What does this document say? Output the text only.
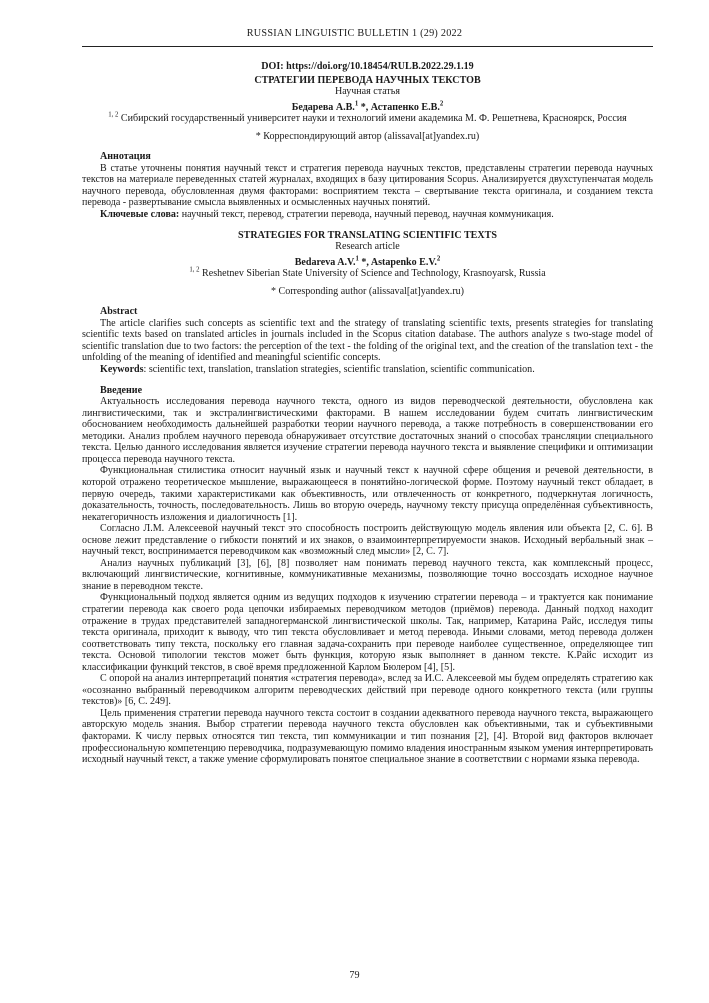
RUSSIAN LINGUISTIC BULLETIN 1 (29) 2022
DOI: https://doi.org/10.18454/RULB.2022.29.1.19
СТРАТЕГИИ ПЕРЕВОДА НАУЧНЫХ ТЕКСТОВ
Научная статья
Бедарева А.В.$^1$ *, Астапенко Е.В.$^2$
$^{1, 2}$ Сибирский государственный университет науки и технологий имени академика М. Ф. Решетнева, Красноярск, Россия
* Корреспондирующий автор (alissaval[at]yandex.ru)

Аннотация

В статье уточнены понятия научный текст и стратегия перевода научных текстов, представлены стратегии перевода научных текстов на материале переведенных статей журналах, входящих в базу цитирования Scopus. Анализируется двухступенчатая модель научного перевода, обусловленная двумя факторами: восприятием текста – свертывание текста оригинала, и созданием текста перевода - развертывание смысла выявленных и осмысленных научных понятий.

Ключевые слова: научный текст, перевод, стратегии перевода, научный перевод, научная коммуникация.

STRATEGIES FOR TRANSLATING SCIENTIFIC TEXTS
Research article
Bedareva A.V.$^1$ *, Astapenko E.V.$^2$
$^{1, 2}$ Reshetnev Siberian State University of Science and Technology, Krasnoyarsk, Russia
* Corresponding author (alissaval[at]yandex.ru)

Abstract

The article clarifies such concepts as scientific text and the strategy of translating scientific texts, presents strategies for translating scientific texts based on translated articles in journals included in the Scopus citation database. The authors analyze s two-stage model of scientific translation due to two factors: the perception of the text - the folding of the original text, and the creation of the translation text - the unfolding of the meaning of identified and meaningful scientific concepts.

Keywords: scientific text, translation, translation strategies, scientific translation, scientific communication.

Введение

Актуальность исследования перевода научного текста, одного из видов переводческой деятельности, обусловлена как лингвистическими, так и экстралингвистическими факторами. В нашем исследовании будем считать лингвистическим обоснованием необходимость дальнейшей разработки теории научного перевода, а также потребность в совершенствовании его методики. Анализ проблем научного перевода обнаруживает отсутствие достаточных знаний о способах трансляции специального текста. Целью данного исследования является изучение стратегии перевода научного текста и выявление специфики и оптимизации процесса перевода научного текста.

Функциональная стилистика относит научный язык и научный текст к научной сфере общения и речевой деятельности, в которой отражено теоретическое мышление, выражающееся в понятийно-логической форме. Поэтому научный текст обладает, в первую очередь, такими характеристиками как объективность, или отвлеченность от конкретного, подчеркнутая логичность, доказательность, точность, последовательность. Лишь во вторую очередь, научному тексту присуща определённая субъективность, некатегоричность изложения и диалогичность [1].

Согласно Л.М. Алексеевой научный текст это способность построить действующую модель явления или объекта [2, С. 6]. В основе лежит представление о гибкости понятий и их знаков, о взаимоинтерпретируемости знаков. Исходный вербальный знак – научный текст, воспринимается переводчиком как «возможный след мысли» [2, С. 7].

Анализ научных публикаций [3], [6], [8] позволяет нам понимать перевод научного текста, как комплексный процесс, включающий лингвистические, когнитивные, коммуникативные механизмы, позволяющие точно воссоздать исходное научное знание в переводном тексте.

Функциональный подход является одним из ведущих подходов к изучению стратегии перевода – и трактуется как понимание стратегии перевода как своего рода цепочки избираемых переводчиком методов (приёмов) перевода. Данный подход находит отражение в трудах представителей западногерманской лингвистической школы. Так, например, Катарина Райс, исследуя типы текста оригинала, приходит к выводу, что тип текста обусловливает и метод перевода. Иными словами, метод перевода должен соответствовать типу текста, поскольку его главная задача-сохранить при переводе наиболее существенное, определяющее тип текста. Основой типологии текстов может быть функция, которую язык выполняет в данном тексте. К.Райс исходит из классификации функций текстов, в своё время предложенной Карлом Бюлером [4], [5].

С опорой на анализ интерпретаций понятия «стратегия перевода», вслед за И.С. Алексеевой мы будем определять стратегию как «осознанно выбранный переводчиком алгоритм переводческих действий при переводе одного конкретного текста (или группы текстов)» [6, С. 249].

Цель применения стратегии перевода научного текста состоит в создании адекватного перевода научного текста, выражающего авторскую модель знания. Выбор стратегии перевода научного текста обусловлен как объективными, так и субъективными факторами. К числу первых относятся тип текста, тип коммуникации и тип познания [2], [4]. Второй вид факторов включает профессиональную компетенцию переводчика, подразумевающую помимо владения иностранным языком умения интерпретировать исходный научный текст, а также умение сформулировать понятое специальное знание в соответствии с нормами языка перевода.

79
